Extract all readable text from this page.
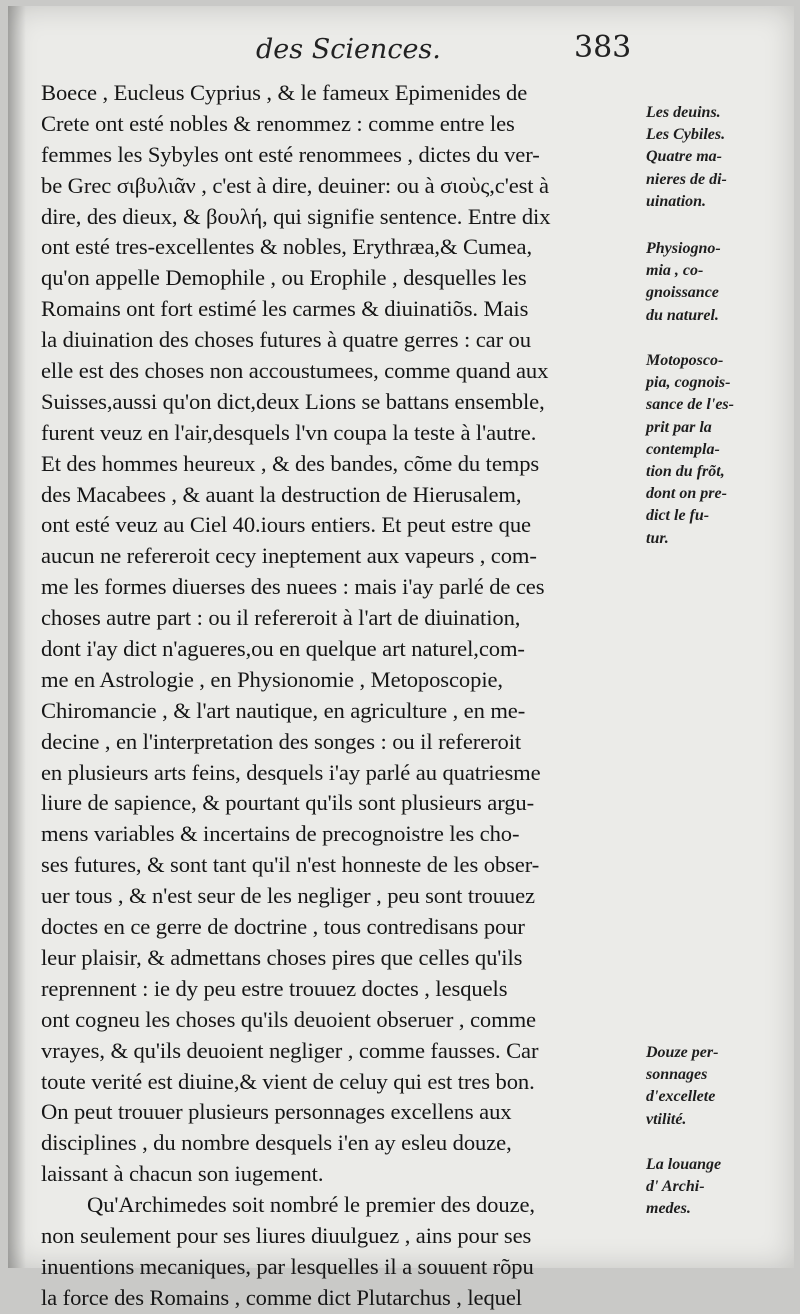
des Sciences.	383
Boece , Eucleus Cyprius , & le fameux Epimenides de
Crete ont esté nobles & renommez : comme entre les
femmes les Sybyles ont esté renommees , dictes du ver-
be Grec σιβυλιᾶν , c'est à dire, deuiner: ou à σιοὺς,c'est à
dire, des dieux, & βουλή, qui signifie sentence. Entre dix
ont esté tres-excellentes & nobles, Erythræa,& Cumea,
qu'on appelle Demophile , ou Erophile , desquelles les
Romains ont fort estimé les carmes & diuinatiõs. Mais
la diuination des choses futures à quatre gerres : car ou
elle est des choses non accoustumees, comme quand aux
Suisses,aussi qu'on dict,deux Lions se battans ensemble,
furent veuz en l'air,desquels l'vn coupa la teste à l'autre.
Et des hommes heureux , & des bandes, cõme du temps
des Macabees , & auant la destruction de Hierusalem,
ont esté veuz au Ciel 40.iours entiers. Et peut estre que
aucun ne refereroit cecy ineptement aux vapeurs , com-
me les formes diuerses des nuees : mais i'ay parlé de ces
choses autre part : ou il refereroit à l'art de diuination,
dont i'ay dict n'agueres,ou en quelque art naturel,com-
me en Astrologie , en Physionomie , Metoposcopie,
Chiromancie , & l'art nautique, en agriculture , en me-
decine , en l'interpretation des songes : ou il refereroit
en plusieurs arts feins, desquels i'ay parlé au quatriesme
liure de sapience, & pourtant qu'ils sont plusieurs argu-
mens variables & incertains de precognoistre les cho-
ses futures, & sont tant qu'il n'est honneste de les obser-
uer tous , & n'est seur de les negliger , peu sont trouuez
doctes en ce gerre de doctrine , tous contredisans pour
leur plaisir, & admettans choses pires que celles qu'ils
reprennent : ie dy peu estre trouuez doctes , lesquels
ont cogneu les choses qu'ils deuoient obseruer , comme
vrayes, & qu'ils deuoient negliger , comme fausses. Car
toute verité est diuine,& vient de celuy qui est tres bon.
On peut trouuer plusieurs personnages excellens aux
disciplines , du nombre desquels i'en ay esleu douze,
laissant à chacun son iugement.
Qu'Archimedes soit nombré le premier des douze,
non seulement pour ses liures diuulguez , ains pour ses
inuentions mecaniques, par lesquelles il a souuent rõpu
la force des Romains , comme dict Plutarchus , lequel
Les deuins.
Les Cybiles.
Quatre ma-
nieres de di-
uination.
Physiogno-
mia , co-
gnoissance
du naturel.
Motoposco-
pia, cognois-
sance de l'es-
prit par la
contempla-
tion du frõt,
dont on pre-
dict le fu-
tur.
Douze per-
sonnages
d'excellete
vtilité.
La louange
d' Archi-
medes.
